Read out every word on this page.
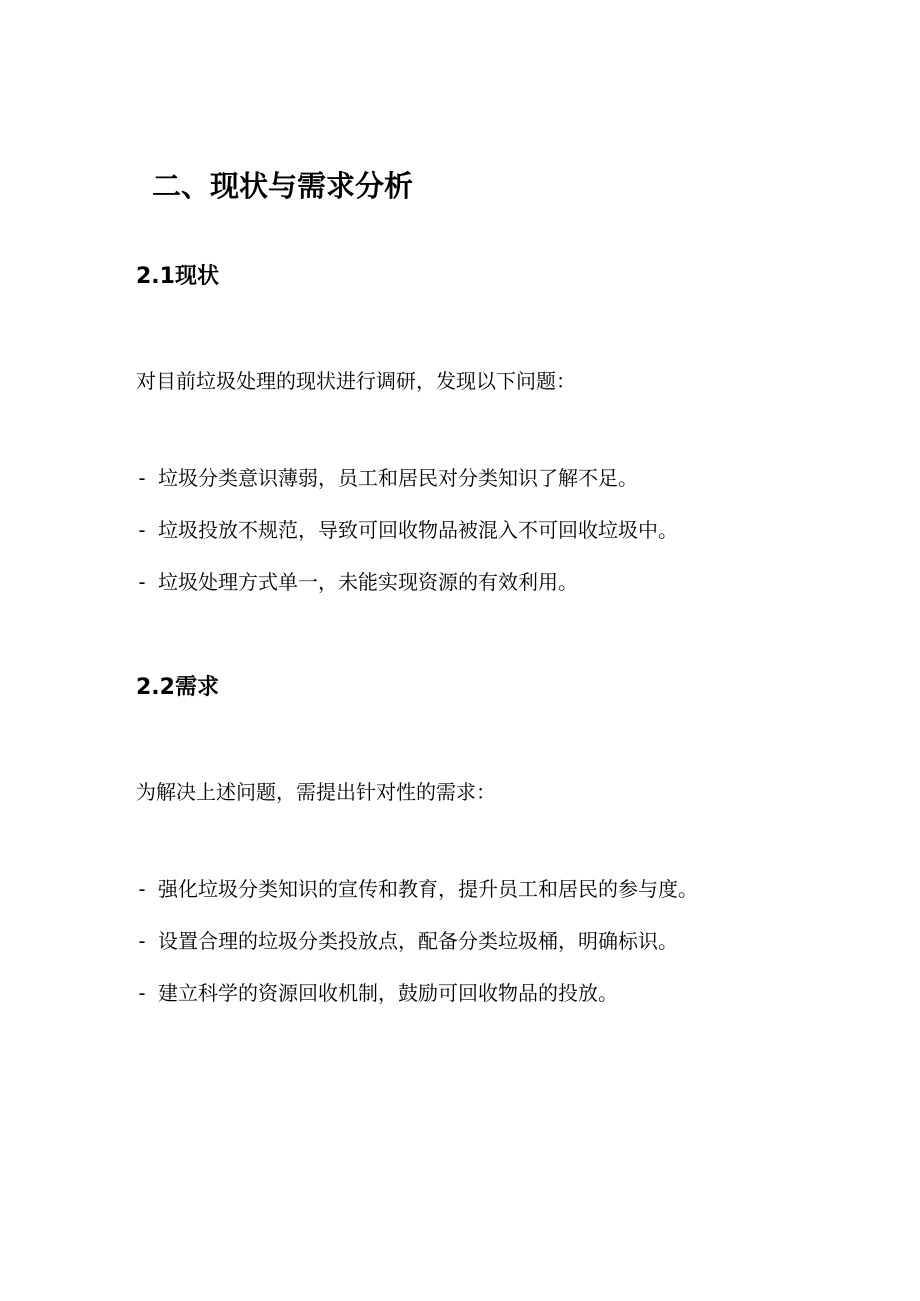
二、现状与需求分析
2.1现状

对目前垃圾处理的现状进行调研，发现以下问题：

- 垃圾分类意识薄弱，员工和居民对分类知识了解不足。

- 垃圾投放不规范，导致可回收物品被混入不可回收垃圾中。

- 垃圾处理方式单一，未能实现资源的有效利用。

2.2需求

为解决上述问题，需提出针对性的需求：

- 强化垃圾分类知识的宣传和教育，提升员工和居民的参与度。

- 设置合理的垃圾分类投放点，配备分类垃圾桶，明确标识。

- 建立科学的资源回收机制，鼓励可回收物品的投放。
